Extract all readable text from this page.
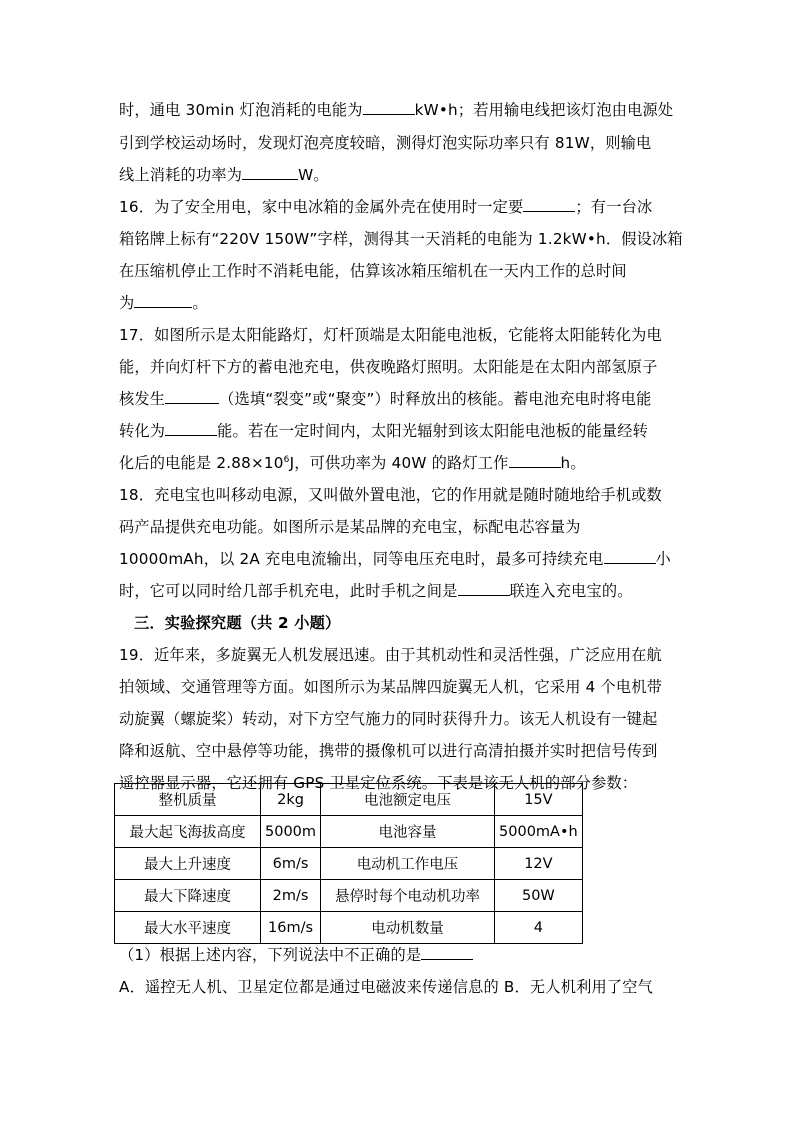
时，通电 30min 灯泡消耗的电能为	kW•h；若用输电线把该灯泡由电源处
引到学校运动场时，发现灯泡亮度较暗，测得灯泡实际功率只有 81W，则输电
线上消耗的功率为	W。
16．为了安全用电，家中电冰箱的金属外壳在使用时一定要	；有一台冰
箱铭牌上标有“220V 150W”字样，测得其一天消耗的电能为 1.2kW•h．假设冰箱
在压缩机停止工作时不消耗电能，估算该冰箱压缩机在一天内工作的总时间
为	。
17．如图所示是太阳能路灯，灯杆顶端是太阳能电池板，它能将太阳能转化为电
能，并向灯杆下方的蓄电池充电，供夜晚路灯照明。太阳能是在太阳内部氢原子
核发生	（选填“裂变”或“聚变”）时释放出的核能。蓄电池充电时将电能
转化为	能。若在一定时间内，太阳光辐射到该太阳能电池板的能量经转
化后的电能是 $2.88\times 10^6J$，可供功率为 40W 的路灯工作	h。
18．充电宝也叫移动电源，又叫做外置电池，它的作用就是随时随地给手机或数
码产品提供充电功能。如图所示是某品牌的充电宝，标配电芯容量为
10000mAh，以 2A 充电电流输出，同等电压充电时，最多可持续充电	小
时，它可以同时给几部手机充电，此时手机之间是	联连入充电宝的。
三．实验探究题（共 2 小题）
19．近年来，多旋翼无人机发展迅速。由于其机动性和灵活性强，广泛应用在航
拍领域、交通管理等方面。如图所示为某品牌四旋翼无人机，它采用 4 个电机带
动旋翼（螺旋桨）转动，对下方空气施力的同时获得升力。该无人机设有一键起
降和返航、空中悬停等功能，携带的摄像机可以进行高清拍摄并实时把信号传到
遥控器显示器，它还拥有 GPS 卫星定位系统。下表是该无人机的部分参数：
整机质量	2kg	电池额定电压	15V
最大起飞海拔高度	5000m	电池容量	5000mA•h
最大上升速度	6m/s	电动机工作电压	12V
最大下降速度	2m/s	悬停时每个电动机功率	50W
最大水平速度	16m/s	电动机数量	4
（1）根据上述内容，下列说法中不正确的是
A．遥控无人机、卫星定位都是通过电磁波来传递信息的 B．无人机利用了空气
